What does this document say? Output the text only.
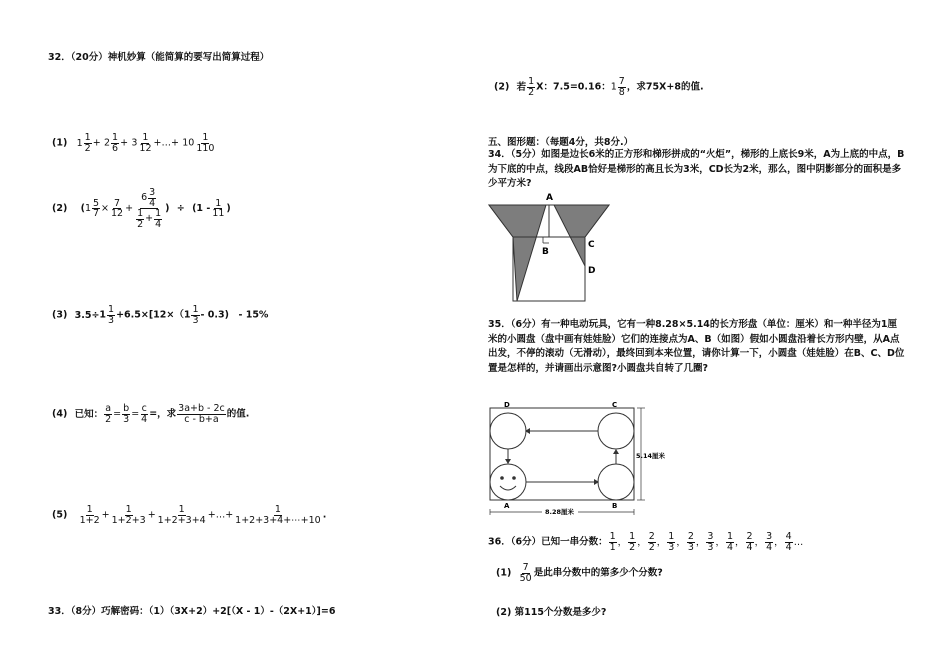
32．（20分）神机妙算（能简算的要写出简算过程）
(1) $1 \frac{1}{2} + 2 \frac{1}{6} + 3 \frac{1}{12}$ +…+ $10 \frac{1}{110}$
(2) ($1 \frac{5}{7} \times \frac{7}{12} + \frac{6 \frac{3}{4}}{\frac{1}{2} + \frac{1}{4}}$ ) ÷ ($1 - \frac{1}{11}$ )
(3) $3.5\div 1 \frac{1}{3} +6.5\times[12\times(1 \frac{1}{3} - 0.3)$　- 15%
(4) 已知： $\frac{a}{2} = \frac{b}{3} = \frac{c}{4}$ =，求 $\frac{3a+b - 2c}{c - b+a}$ 的值.
$(5) \frac{1}{1+2} + \frac{1}{1+2+3} + \frac{1}{1+2+3+4}$ +…+ $\frac{1}{1+2+3+4+\cdots+10}$ .
33．（8分）巧解密码：（1）（3X+2）+2[（X - 1）-（2X+1）]=6
(2) 若 $\frac{1}{2}$ X：7.5=0.16：$1 \frac{7}{8}$ ，求75X+8的值.
五、图形题：（每题4分，共8分.）
34．（5分）如图是边长6米的正方形和梯形拼成的“火炬”，梯形的上底长9米，A为上底的中点，B为下底的中点，线段AB恰好是梯形的高且长为3米，CD长为2米，那么，图中阴影部分的面积是多少平方米?
A
B
C
D
35．（6分）有一种电动玩具，它有一种8.28×5.14的长方形盘（单位：厘米）和一种半径为1厘米的小圆盘（盘中画有娃娃脸）它们的连接点为A、B（如图）假如小圆盘沿着长方形内壁，从A点出发，不停的滚动（无滑动），最终回到本来位置，请你计算一下，小圆盘（娃娃脸）在B、C、D位置是怎样的，并请画出示意图?小圆盘共自转了几圈?
D	C
A	B
5.14厘米
8.28厘米
36．（6分）已知一串分数： $\frac{1}{1}$ ， $\frac{1}{2}$ ， $\frac{2}{2}$ ， $\frac{1}{3}$ ， $\frac{2}{3}$ ， $\frac{3}{3}$ ， $\frac{1}{4}$ ， $\frac{2}{4}$ ， $\frac{3}{4}$ ， $\frac{4}{4}$ …
$(1) \frac{7}{50}$ 是此串分数中的第多少个分数?
(2) 第115个分数是多少?
